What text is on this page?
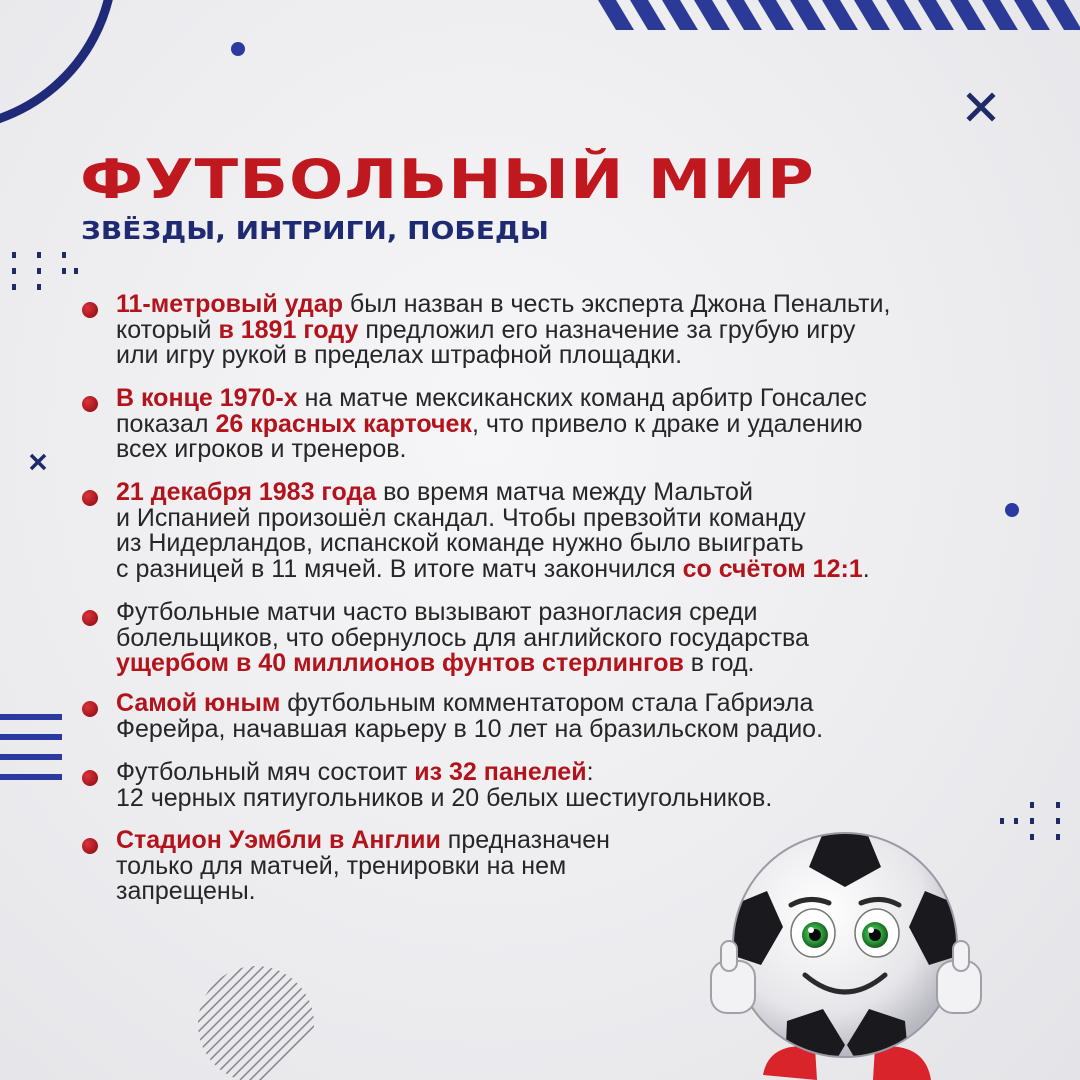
ФУТБОЛЬНЫЙ МИР
ЗВЁЗДЫ, ИНТРИГИ, ПОБЕДЫ

11-метровый удар был назван в честь эксперта Джона Пенальти,
который в 1891 году предложил его назначение за грубую игру
или игру рукой в пределах штрафной площадки.

В конце 1970-х на матче мексиканских команд арбитр Гонсалес
показал 26 красных карточек, что привело к драке и удалению
всех игроков и тренеров.

21 декабря 1983 года во время матча между Мальтой
и Испанией произошёл скандал. Чтобы превзойти команду
из Нидерландов, испанской команде нужно было выиграть
с разницей в 11 мячей. В итоге матч закончился со счётом 12:1.

Футбольные матчи часто вызывают разногласия среди
болельщиков, что обернулось для английского государства
ущербом в 40 миллионов фунтов стерлингов в год.

Самой юным футбольным комментатором стала Габриэла
Ферейра, начавшая карьеру в 10 лет на бразильском радио.

Футбольный мяч состоит из 32 панелей:
12 черных пятиугольников и 20 белых шестиугольников.

Стадион Уэмбли в Англии предназначен
только для матчей, тренировки на нем
запрещены.
